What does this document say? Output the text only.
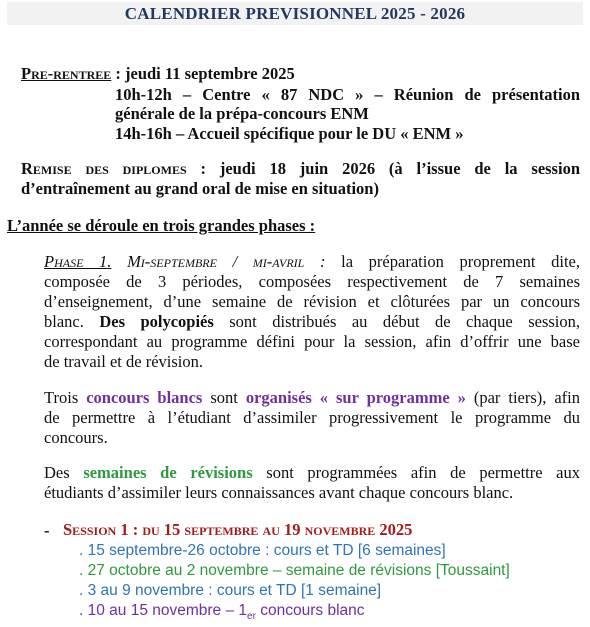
CALENDRIER PREVISIONNEL 2025 - 2026
Pre-rentree : jeudi 11 septembre 2025
10h-12h – Centre « 87 NDC » – Réunion de présentation
générale de la prépa-concours ENM
14h-16h – Accueil spécifique pour le DU « ENM »
Remise des diplomes : jeudi 18 juin 2026 (à l’issue de la session
d’entraînement au grand oral de mise en situation)
L’année se déroule en trois grandes phases :
Phase 1. Mi-septembre / mi-avril : la préparation proprement dite,
composée de 3 périodes, composées respectivement de 7 semaines
d’enseignement, d’une semaine de révision et clôturées par un concours
blanc. Des polycopiés sont distribués au début de chaque session,
correspondant au programme défini pour la session, afin d’offrir une base
de travail et de révision.
Trois concours blancs sont organisés « sur programme » (par tiers), afin
de permettre à l’étudiant d’assimiler progressivement le programme du
concours.
Des semaines de révisions sont programmées afin de permettre aux
étudiants d’assimiler leurs connaissances avant chaque concours blanc.
- Session 1 : du 15 septembre au 19 novembre 2025
. 15 septembre-26 octobre : cours et TD [6 semaines]
. 27 octobre au 2 novembre – semaine de révisions [Toussaint]
. 3 au 9 novembre : cours et TD [1 semaine]
. 10 au 15 novembre – $1_{er}$ concours blanc
